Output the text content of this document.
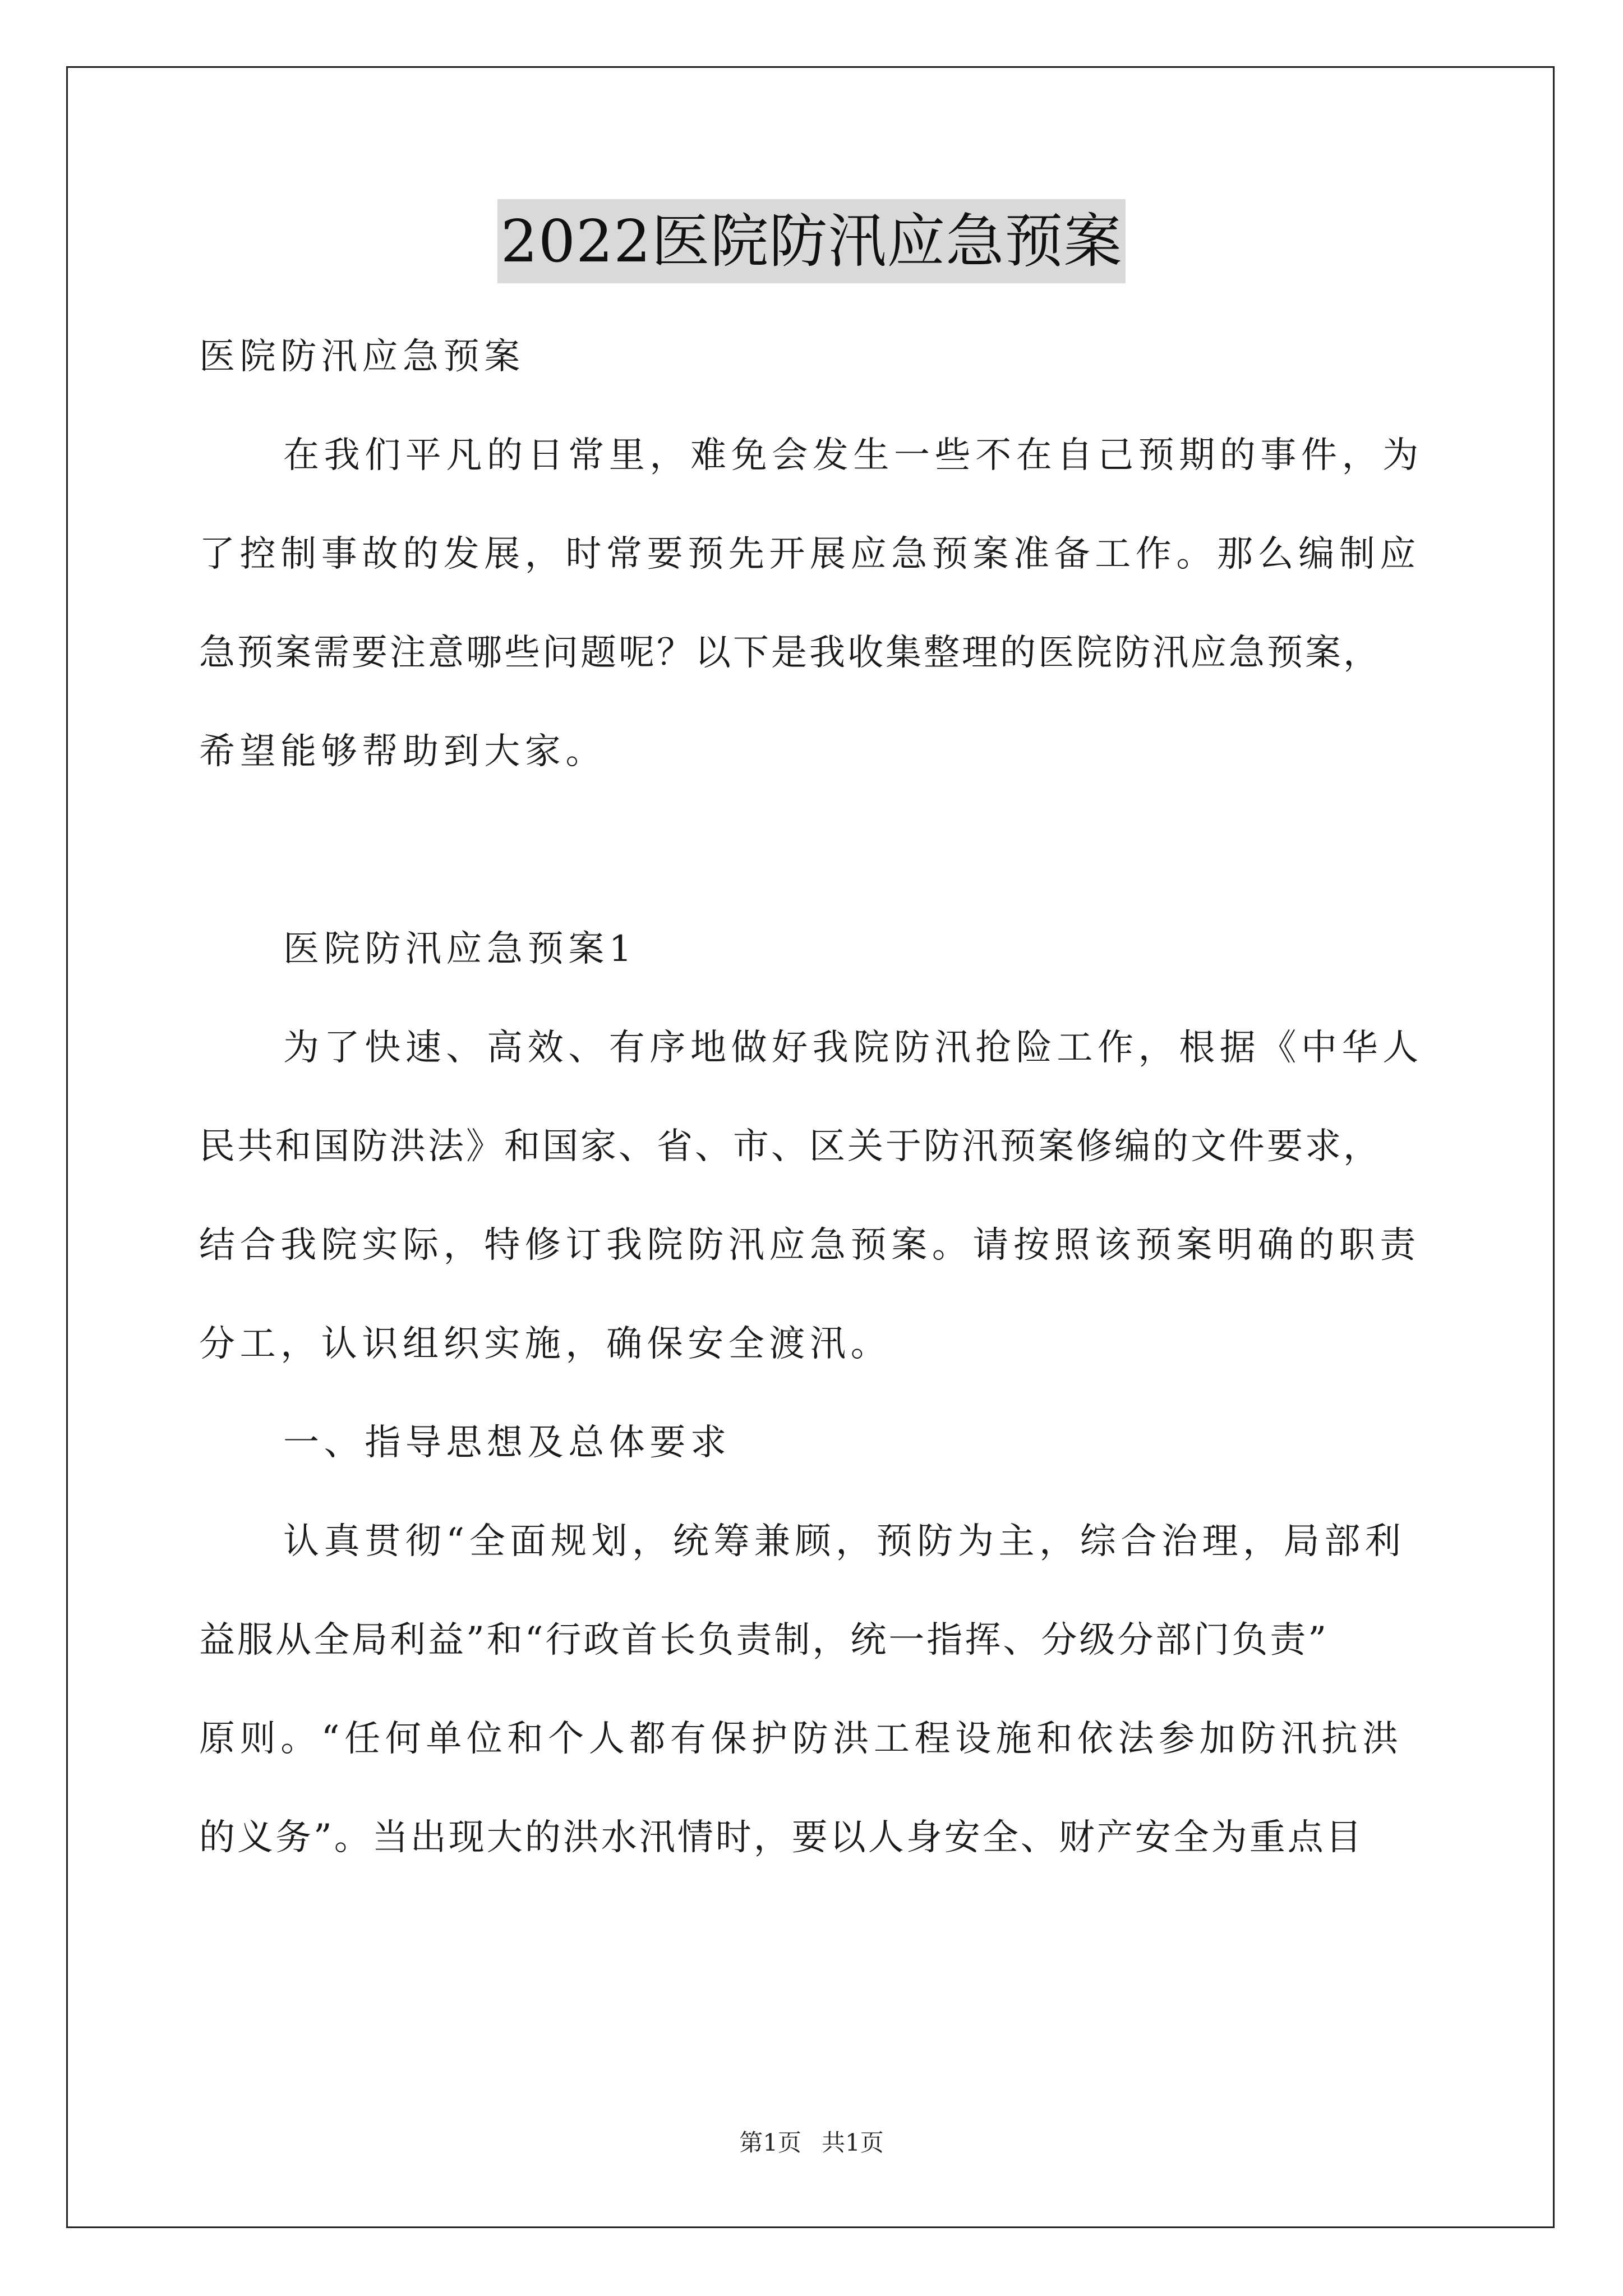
2022医院防汛应急预案
医院防汛应急预案
在我们平凡的日常里，难免会发生一些不在自己预期的事件，为
了控制事故的发展，时常要预先开展应急预案准备工作。那么编制应
急预案需要注意哪些问题呢？以下是我收集整理的医院防汛应急预案，
希望能够帮助到大家。
医院防汛应急预案1
为了快速、高效、有序地做好我院防汛抢险工作，根据《中华人
民共和国防洪法》和国家、省、市、区关于防汛预案修编的文件要求，
结合我院实际，特修订我院防汛应急预案。请按照该预案明确的职责
分工，认识组织实施，确保安全渡汛。
一、指导思想及总体要求
认真贯彻“全面规划，统筹兼顾，预防为主，综合治理，局部利
益服从全局利益”和“行政首长负责制，统一指挥、分级分部门负责”
原则。“任何单位和个人都有保护防洪工程设施和依法参加防汛抗洪
的义务”。当出现大的洪水汛情时，要以人身安全、财产安全为重点目
第1页 共1页
